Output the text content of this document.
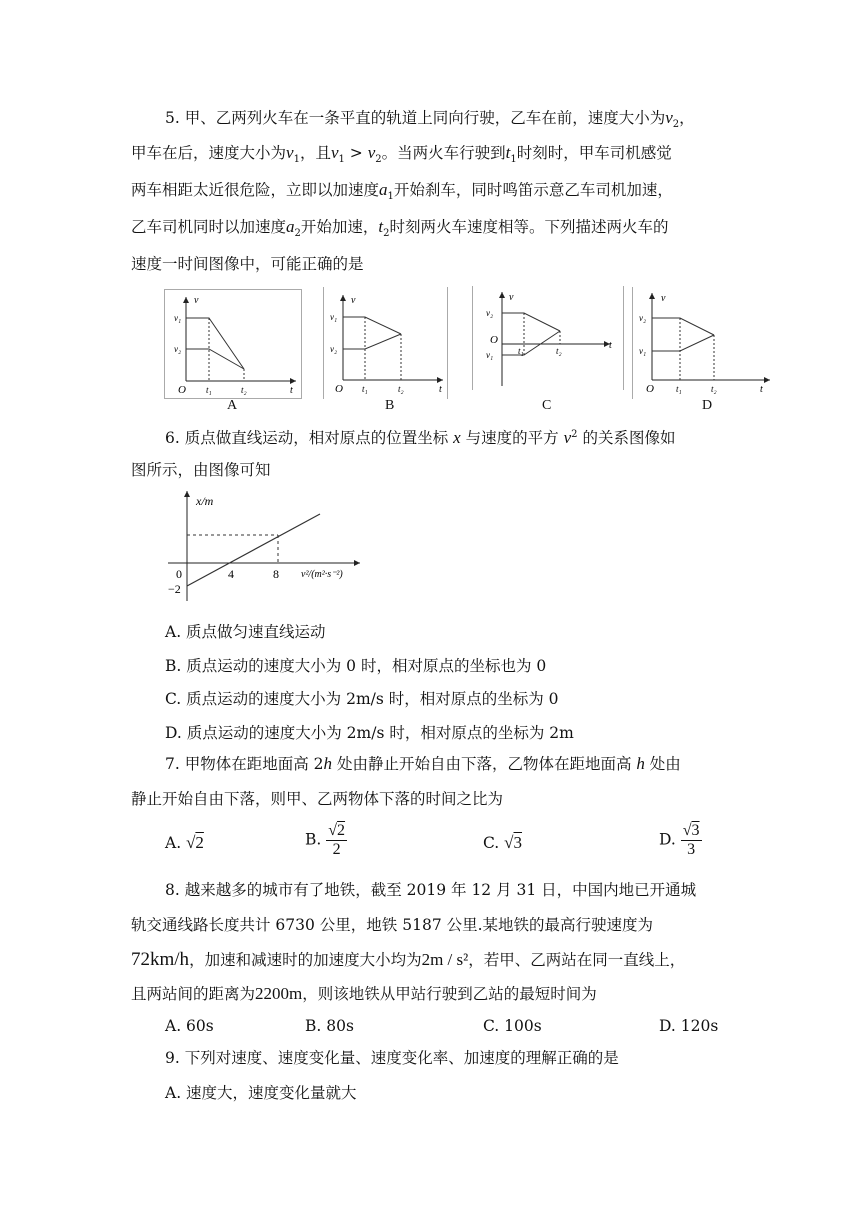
5. 甲、乙两列火车在一条平直的轨道上同向行驶，乙车在前，速度大小为$v_2$，
甲车在后，速度大小为$v_1$，且$v_1 > v_2$。当两火车行驶到$t_1$时刻时，甲车司机感觉
两车相距太近很危险，立即以加速度$a_1$开始刹车，同时鸣笛示意乙车司机加速，
乙车司机同时以加速度$a_2$开始加速，$t_2$时刻两火车速度相等。下列描述两火车的
速度一时间图像中，可能正确的是
v
v₁
v₂
O t₁	t₂	t
A
v
v₁
v₂
O t₁	t₂	t
B
v
v₂
v₁
O
t₁	t₂	t
C
v
v₂
v₁
O t₁	t₂	t
D
6. 质点做直线运动，相对原点的位置坐标 x 与速度的平方 $v^2$ 的关系图像如
图所示，由图像可知
x/m
v²/(m²·s⁻²)
0	4	8
−2
A. 质点做匀速直线运动
B. 质点运动的速度大小为 0 时，相对原点的坐标也为 0
C. 质点运动的速度大小为 2m/s 时，相对原点的坐标为 0
D. 质点运动的速度大小为 2m/s 时，相对原点的坐标为 2m
7. 甲物体在距地面高 2h 处由静止开始自由下落，乙物体在距地面高 h 处由
静止开始自由下落，则甲、乙两物体下落的时间之比为
A. √2	B. $\frac{√2}{2}$	C. √3	D. $\frac{√3}{3}$
8. 越来越多的城市有了地铁，截至 2019 年 12 月 31 日，中国内地已开通城
轨交通线路长度共计 6730 公里，地铁 5187 公里.某地铁的最高行驶速度为
72km/h，加速和减速时的加速度大小均为2m / s²，若甲、乙两站在同一直线上，
且两站间的距离为2200m，则该地铁从甲站行驶到乙站的最短时间为
A. 60s	B. 80s	C. 100s	D. 120s
9. 下列对速度、速度变化量、速度变化率、加速度的理解正确的是
A. 速度大，速度变化量就大
